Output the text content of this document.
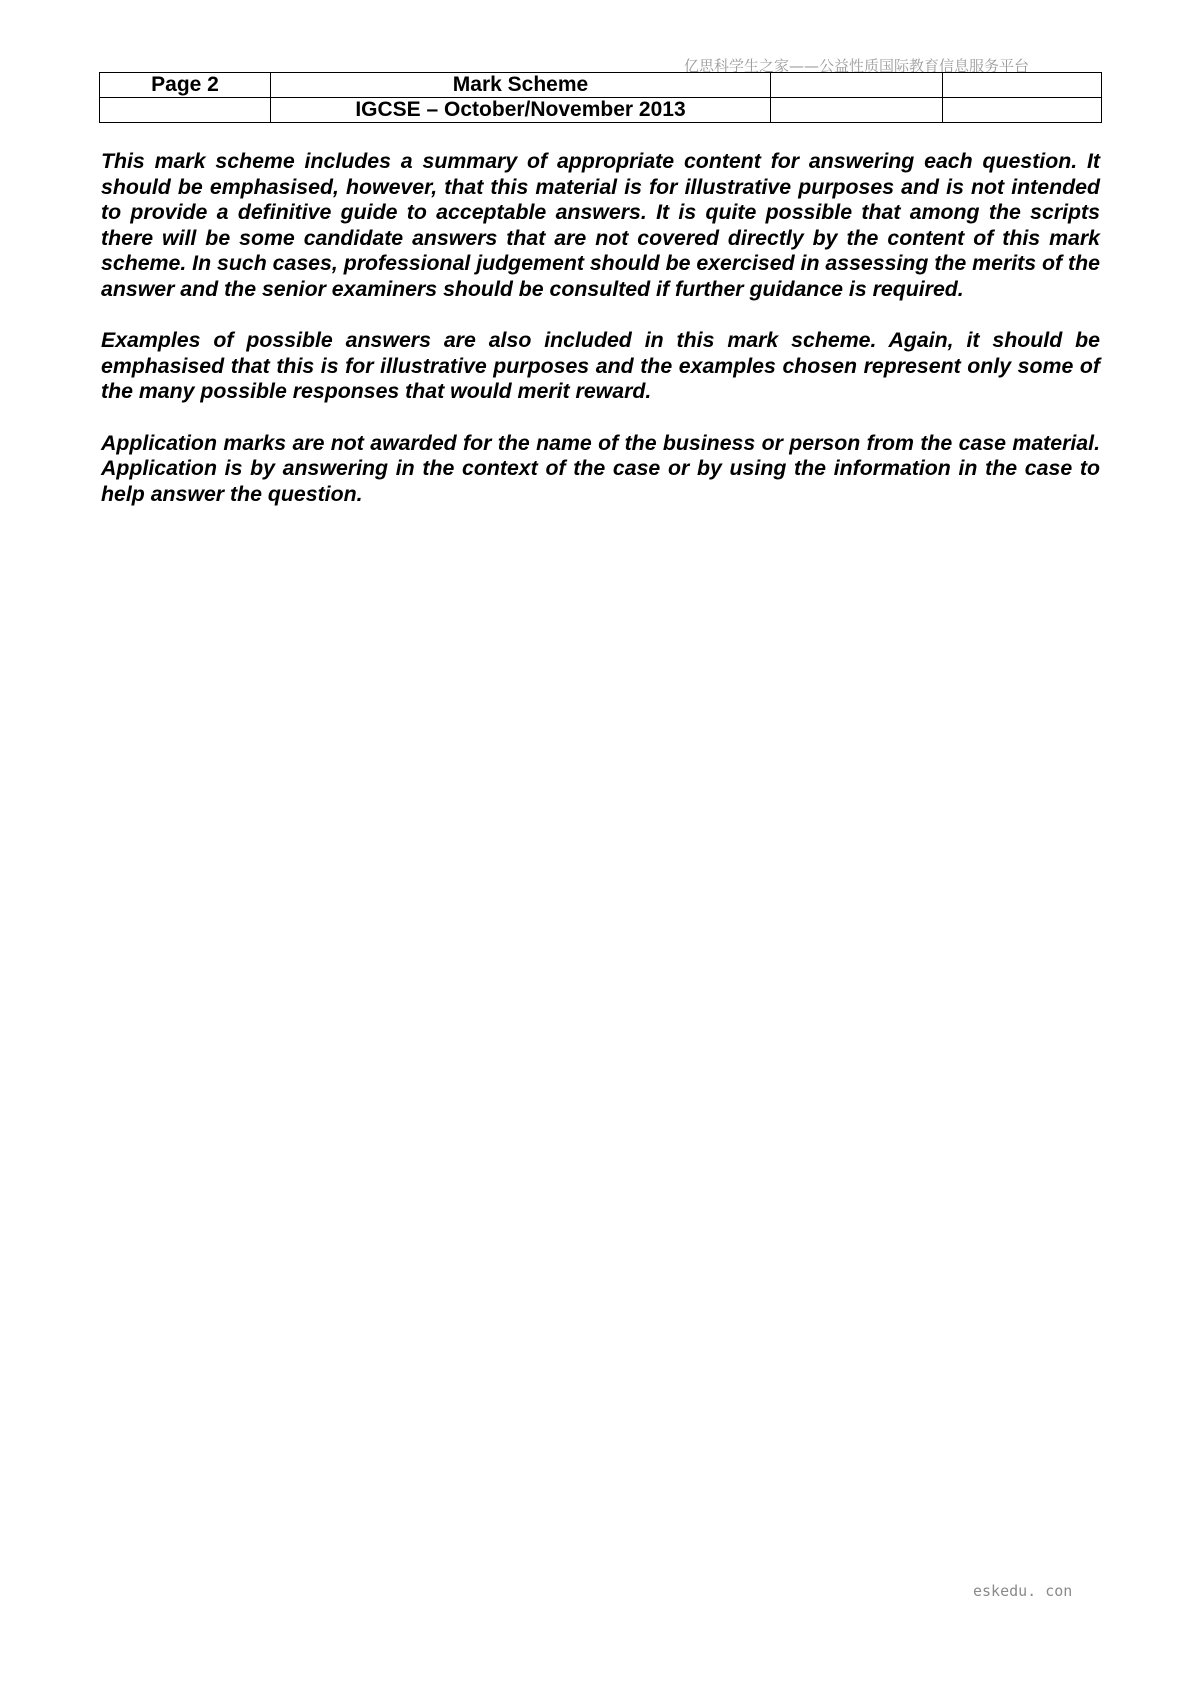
亿思科学生之家——公益性质国际教育信息服务平台
Page 2	Mark Scheme		
	IGCSE – October/November 2013		

This mark scheme includes a summary of appropriate content for answering each question. It should be emphasised, however, that this material is for illustrative purposes and is not intended to provide a definitive guide to acceptable answers. It is quite possible that among the scripts there will be some candidate answers that are not covered directly by the content of this mark scheme. In such cases, professional judgement should be exercised in assessing the merits of the answer and the senior examiners should be consulted if further guidance is required.

Examples of possible answers are also included in this mark scheme. Again, it should be emphasised that this is for illustrative purposes and the examples chosen represent only some of the many possible responses that would merit reward.

Application marks are not awarded for the name of the business or person from the case material. Application is by answering in the context of the case or by using the information in the case to help answer the question.

eskedu. con
